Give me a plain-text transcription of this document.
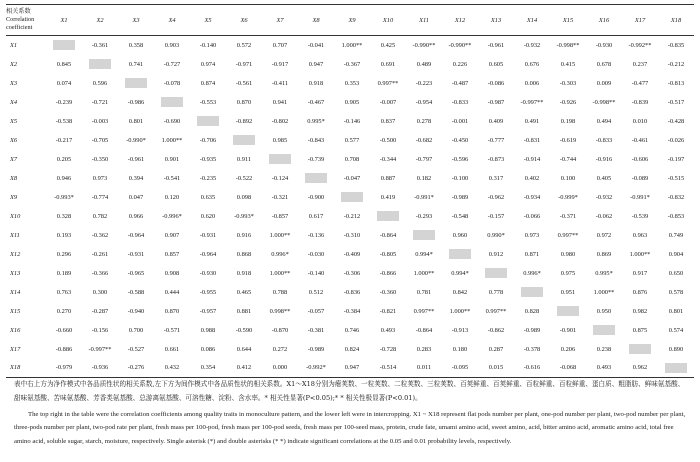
相关系数
Correlation coefficient	X1	X2	X3	X4	X5	X6	X7	X8	X9	X10	X11	X12	X13	X14	X15	X16	X17	X18
X1		-0.361	0.358	0.903	-0.140	0.572	0.707	-0.041	1.000**	0.425	-0.990**	-0.990**	-0.961	-0.932	-0.998**	-0.930	-0.992**	-0.835
X2	0.845		0.741	-0.727	0.974	-0.971	-0.917	0.947	-0.367	0.691	0.489	0.226	0.605	0.676	0.415	0.678	0.237	-0.212
X3	0.074	0.596		-0.078	0.874	-0.561	-0.411	0.918	0.353	0.997**	-0.223	-0.487	-0.086	0.006	-0.303	0.009	-0.477	-0.813
X4	-0.239	-0.721	-0.986		-0.553	0.870	0.941	-0.467	0.905	-0.007	-0.954	-0.833	-0.987	-0.997**	-0.926	-0.998**	-0.839	-0.517
X5	-0.538	-0.003	0.801	-0.690		-0.892	-0.802	0.995*	-0.146	0.837	0.278	-0.001	0.409	0.491	0.198	0.494	0.010	-0.428
X6	-0.217	-0.705	-0.990*	1.000**	-0.706		0.985	-0.843	0.577	-0.500	-0.682	-0.450	-0.777	-0.831	-0.619	-0.833	-0.461	-0.026
X7	0.205	-0.350	-0.961	0.901	-0.935	0.911		-0.739	0.708	-0.344	-0.797	-0.596	-0.873	-0.914	-0.744	-0.916	-0.606	-0.197
X8	0.946	0.973	0.394	-0.541	-0.235	-0.522	-0.124		-0.047	0.887	0.182	-0.100	0.317	0.402	0.100	0.405	-0.089	-0.515
X9	-0.993*	-0.774	0.047	0.120	0.635	0.098	-0.321	-0.900		0.419	-0.991*	-0.989	-0.962	-0.934	-0.999*	-0.932	-0.991*	-0.832
X10	0.328	0.782	0.966	-0.996*	0.620	-0.993*	-0.857	0.617	-0.212		-0.293	-0.548	-0.157	-0.066	-0.371	-0.062	-0.539	-0.853
X11	0.193	-0.362	-0.964	0.907	-0.931	0.916	1.000**	-0.136	-0.310	-0.864		0.960	0.990*	0.973	0.997**	0.972	0.963	0.749
X12	0.296	-0.261	-0.931	0.857	-0.964	0.868	0.996*	-0.030	-0.409	-0.805	0.994*		0.912	0.871	0.980	0.869	1.000**	0.904
X13	0.189	-0.366	-0.965	0.908	-0.930	0.918	1.000**	-0.140	-0.306	-0.866	1.000**	0.994*		0.996*	0.975	0.995*	0.917	0.650
X14	0.763	0.300	-0.588	0.444	-0.955	0.465	0.788	0.512	-0.836	-0.360	0.781	0.842	0.778		0.951	1.000**	0.876	0.578
X15	0.270	-0.287	-0.940	0.870	-0.957	0.881	0.998**	-0.057	-0.384	-0.821	0.997**	1.000**	0.997**	0.828		0.950	0.982	0.801
X16	-0.660	-0.156	0.700	-0.571	0.988	-0.590	-0.870	-0.381	0.746	0.493	-0.864	-0.913	-0.862	-0.989	-0.901		0.875	0.574
X17	-0.886	-0.997**	-0.527	0.661	0.086	0.644	0.272	-0.989	0.824	-0.728	0.283	0.180	0.287	-0.378	0.206	0.238		0.890
X18	-0.979	-0.936	-0.276	0.432	0.354	0.412	0.000	-0.992*	0.947	-0.514	0.011	-0.095	0.015	-0.616	-0.068	0.493	0.962	

表中右上方为净作模式中各品质性状的相关系数,左下方为间作模式中各品质性状的相关系数。X1～X18分别为瘪荚数、一粒荚数、二粒荚数、三粒荚数、百荚鲜重、百荚鲜重、百粒鲜重、百粒鲜重、蛋白质、粗脂肪、鲜味氨基酸、甜味氨基酸、苦味氨基酸、芳香类氨基酸、总游离氨基酸、可溶性糖、淀粉、含水率。* 相关性显著(P<0.05);* * 相关性极显著(P<0.01)。

The top right in the table were the correlation coefficients among quality traits in monoculture pattern, and the lower left were in intercropping. X1 ~ X18 represent flat pods number per plant, one-pod number per plant, two-pod number per plant, three-pods number per plant, two-pod rate per plant, fresh mass per 100-pod, fresh mass per 100-pod seeds, fresh mass per 100-seed mass, protein, crude fate, umami amino acid, sweet amino, acid, bitter amino acid, aromatic amino acid, total free amino acid, soluble sugar, starch, moisture, respectively. Single asterisk (*) and double asterisks (* *) indicate significant correlations at the 0.05 and 0.01 probability levels, respectively.
